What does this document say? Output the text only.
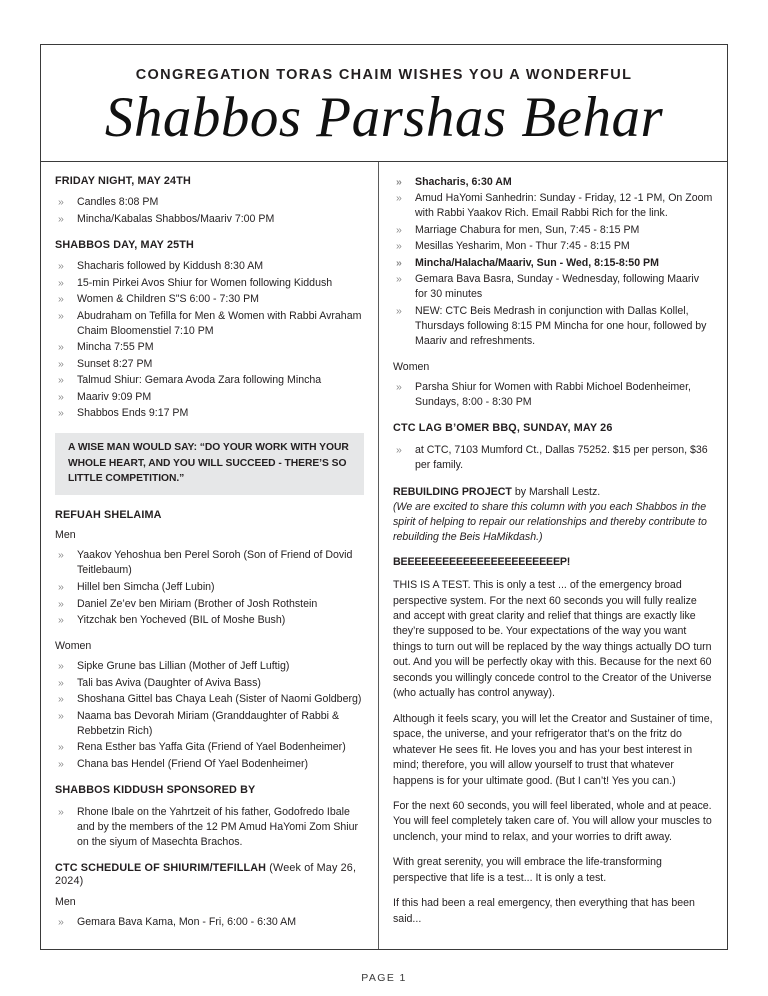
CONGREGATION TORAS CHAIM WISHES YOU A WONDERFUL
Shabbos Parshas Behar
FRIDAY NIGHT, MAY 24TH
» Candles 8:08 PM
» Mincha/Kabalas Shabbos/Maariv 7:00 PM
SHABBOS DAY, MAY 25TH
» Shacharis followed by Kiddush 8:30 AM
» 15-min Pirkei Avos Shiur for Women following Kiddush
» Women & Children S"S 6:00 - 7:30 PM
» Abudraham on Tefilla for Men & Women with Rabbi Avraham Chaim Bloomenstiel 7:10 PM
» Mincha 7:55 PM
» Sunset 8:27 PM
» Talmud Shiur: Gemara Avoda Zara following Mincha
» Maariv 9:09 PM
» Shabbos Ends 9:17 PM
A WISE MAN WOULD SAY: “DO YOUR WORK WITH YOUR WHOLE HEART, AND YOU WILL SUCCEED - THERE’S SO LITTLE COMPETITION.”
REFUAH SHELAIMA
Men
» Yaakov Yehoshua ben Perel Soroh (Son of Friend of Dovid Teitlebaum)
» Hillel ben Simcha (Jeff Lubin)
» Daniel Ze’ev ben Miriam (Brother of Josh Rothstein
» Yitzchak ben Yocheved (BIL of Moshe Bush)
Women
» Sipke Grune bas Lillian (Mother of Jeff Luftig)
» Tali bas Aviva (Daughter of Aviva Bass)
» Shoshana Gittel bas Chaya Leah (Sister of Naomi Goldberg)
» Naama bas Devorah Miriam (Granddaughter of Rabbi & Rebbetzin Rich)
» Rena Esther bas Yaffa Gita (Friend of Yael Bodenheimer)
» Chana bas Hendel (Friend Of Yael Bodenheimer)
SHABBOS KIDDUSH SPONSORED BY
» Rhone Ibale on the Yahrtzeit of his father, Godofredo Ibale and by the members of the 12 PM Amud HaYomi Zom Shiur on the siyum of Masechta Brachos.
CTC SCHEDULE OF SHIURIM/TEFILLAH (Week of May 26, 2024)
Men
» Gemara Bava Kama, Mon - Fri, 6:00 - 6:30 AM
» Shacharis, 6:30 AM
» Amud HaYomi Sanhedrin: Sunday - Friday, 12 -1 PM, On Zoom with Rabbi Yaakov Rich. Email Rabbi Rich for the link.
» Marriage Chabura for men, Sun, 7:45 - 8:15 PM
» Mesillas Yesharim, Mon - Thur 7:45 - 8:15 PM
» Mincha/Halacha/Maariv, Sun - Wed, 8:15-8:50 PM
» Gemara Bava Basra, Sunday - Wednesday, following Maariv for 30 minutes
» NEW: CTC Beis Medrash in conjunction with Dallas Kollel, Thursdays following 8:15 PM Mincha for one hour, followed by Maariv and refreshments.
Women
» Parsha Shiur for Women with Rabbi Michoel Bodenheimer, Sundays, 8:00 - 8:30 PM
CTC LAG B’OMER BBQ, SUNDAY, MAY 26
» at CTC, 7103 Mumford Ct., Dallas 75252. $15 per person, $36 per family.
REBUILDING PROJECT by Marshall Lestz.
(We are excited to share this column with you each Shabbos in the spirit of helping to repair our relationships and thereby contribute to rebuilding the Beis HaMikdash.)
BEEEEEEEEEEEEEEEEEEEEEEEP!

THIS IS A TEST. This is only a test ... of the emergency broad perspective system. For the next 60 seconds you will fully realize and accept with great clarity and relief that things are exactly like they’re supposed to be. Your expectations of the way you want things to turn out will be replaced by the way things actually DO turn out. And you will be perfectly okay with this. Because for the next 60 seconds you willingly concede control to the Creator of the Universe (who actually has control anyway).

Although it feels scary, you will let the Creator and Sustainer of time, space, the universe, and your refrigerator that’s on the fritz do whatever He sees fit. He loves you and has your best interest in mind; therefore, you will allow yourself to trust that whatever happens is for your ultimate good. (But I can’t! Yes you can.)

For the next 60 seconds, you will feel liberated, whole and at peace. You will feel completely taken care of. You will allow your muscles to unclench, your mind to relax, and your worries to drift away.

With great serenity, you will embrace the life-transforming perspective that life is a test... It is only a test.

If this had been a real emergency, then everything that has been said...

PAGE 1
